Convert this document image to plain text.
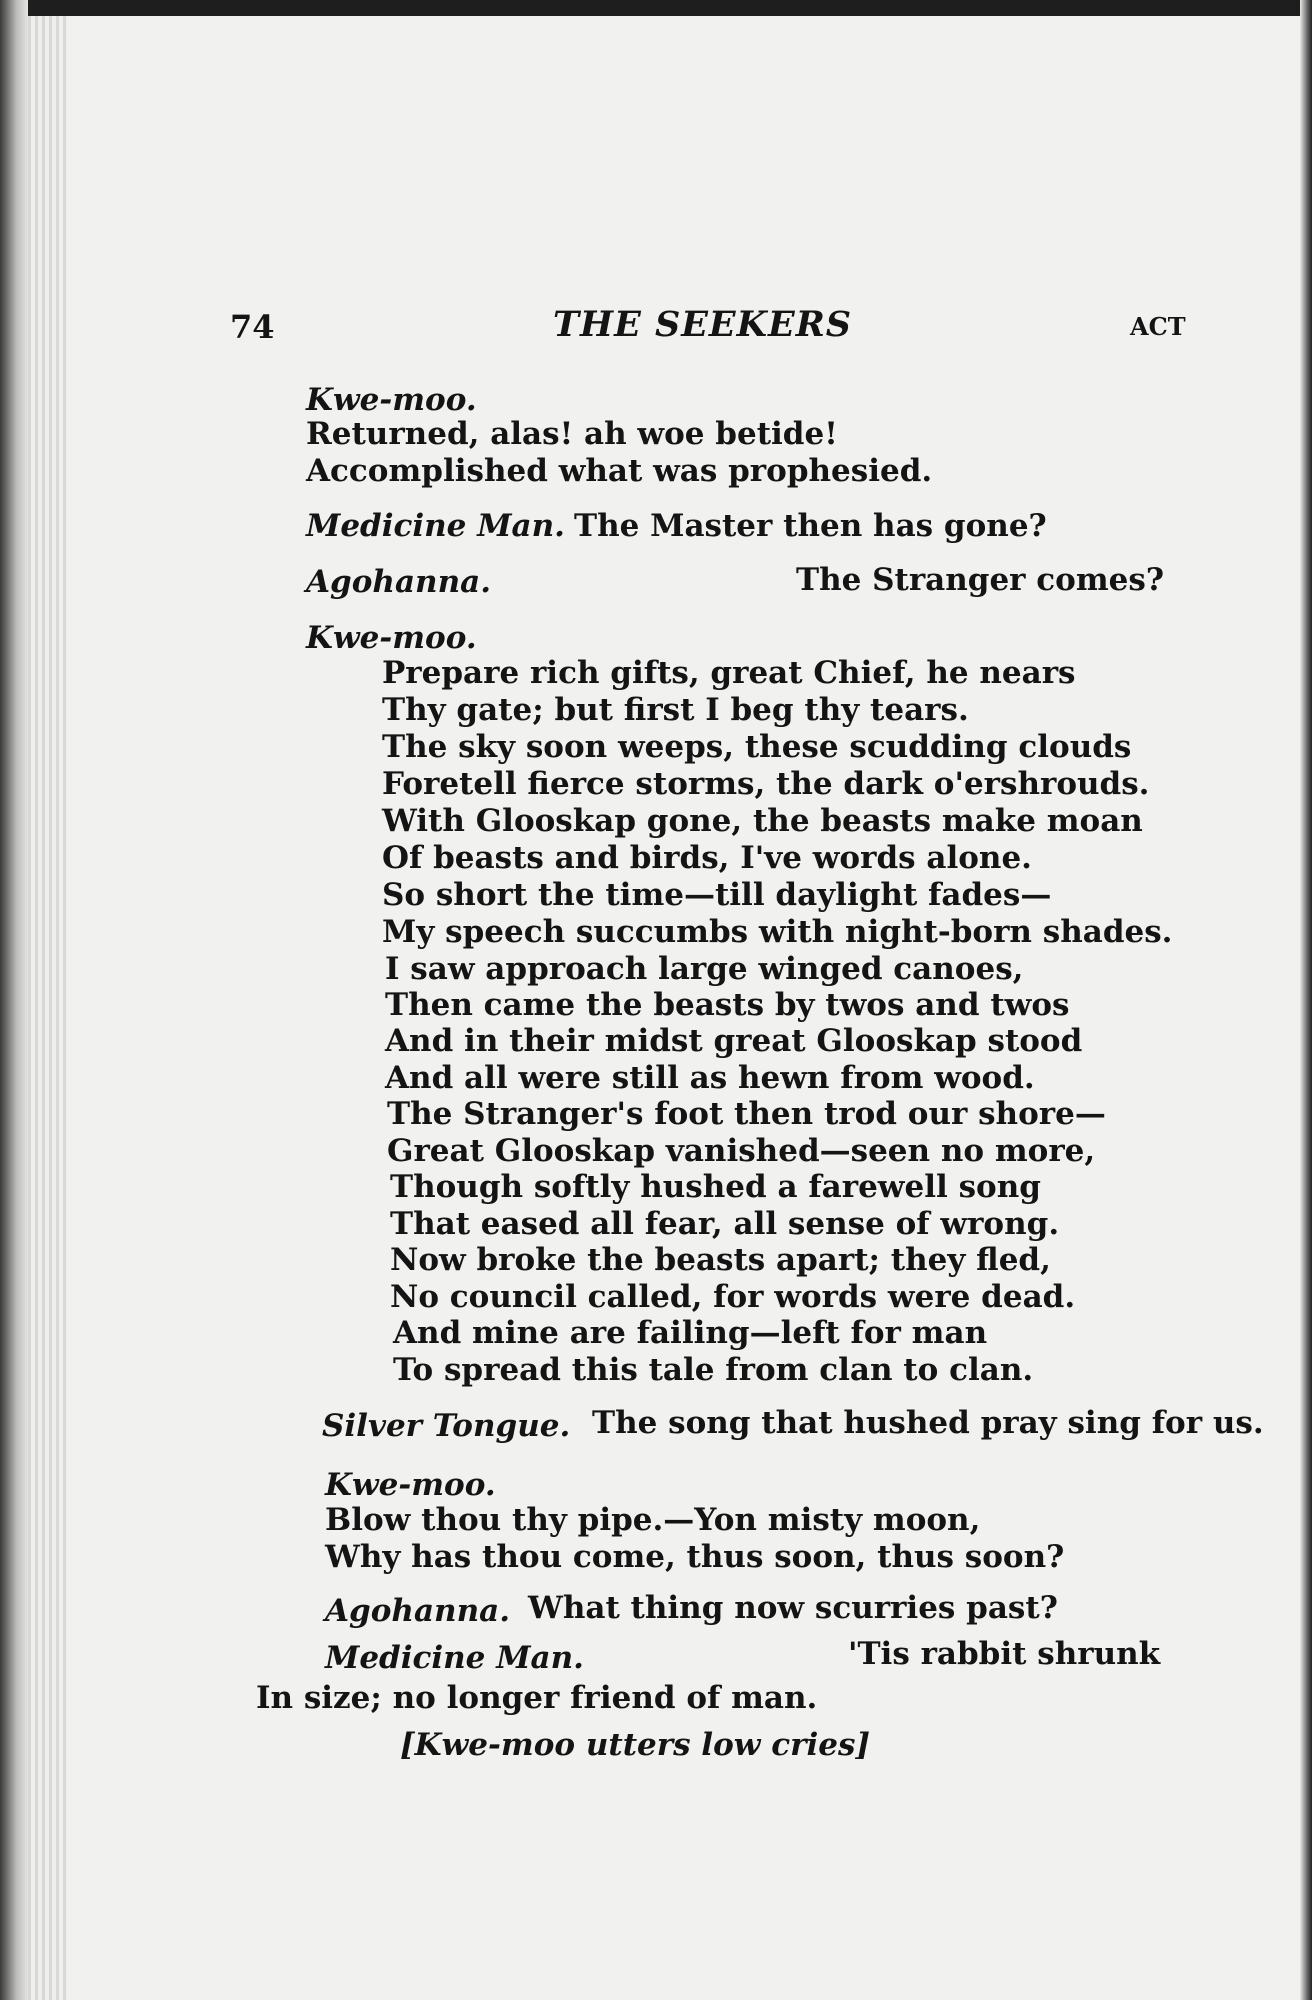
74	THE SEEKERS	ACT
Kwe-moo.
Returned, alas! ah woe betide!
Accomplished what was prophesied.
Medicine Man. The Master then has gone?
Agohanna.	The Stranger comes?
Kwe-moo.
Prepare rich gifts, great Chief, he nears
Thy gate; but first I beg thy tears.
The sky soon weeps, these scudding clouds
Foretell fierce storms, the dark o'ershrouds.
With Glooskap gone, the beasts make moan
Of beasts and birds, I've words alone.
So short the time—till daylight fades—
My speech succumbs with night-born shades.
I saw approach large winged canoes,
Then came the beasts by twos and twos
And in their midst great Glooskap stood
And all were still as hewn from wood.
The Stranger's foot then trod our shore—
Great Glooskap vanished—seen no more,
Though softly hushed a farewell song
That eased all fear, all sense of wrong.
Now broke the beasts apart; they fled,
No council called, for words were dead.
And mine are failing—left for man
To spread this tale from clan to clan.
Silver Tongue. The song that hushed pray sing for us.
Kwe-moo.
Blow thou thy pipe.—Yon misty moon,
Why has thou come, thus soon, thus soon?
Agohanna. What thing now scurries past?
Medicine Man.	'Tis rabbit shrunk
In size; no longer friend of man.
[Kwe-moo utters low cries]
